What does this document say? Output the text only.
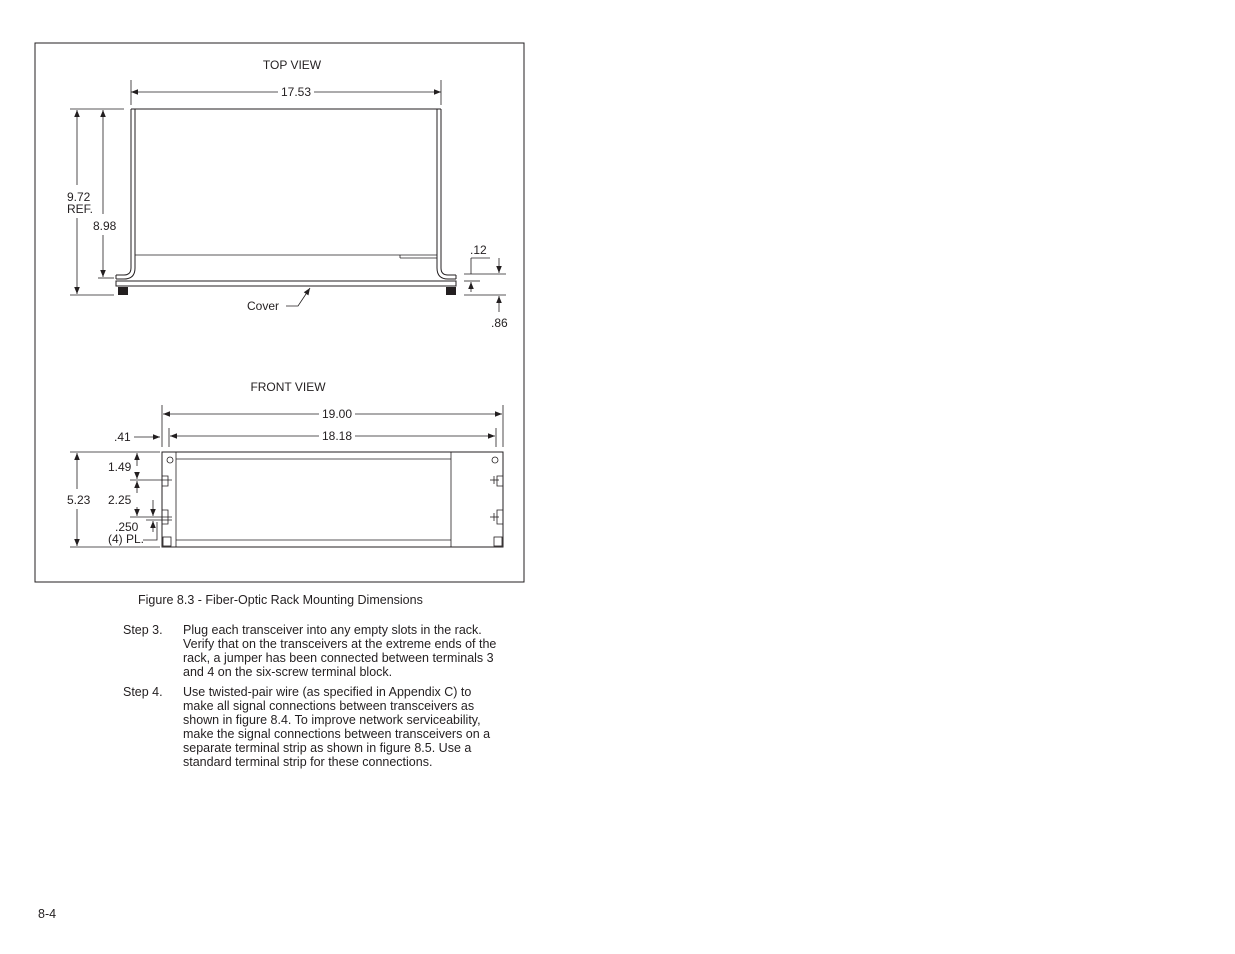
TOP VIEW
17.53
9.72
REF.
8.98
.12
.86
Cover
FRONT VIEW
19.00
18.18
.41
5.23
1.49
2.25
.250
(4) PL.
Figure 8.3 - Fiber-Optic Rack Mounting Dimensions
Step 3. Plug each transceiver into any empty slots in the rack. Verify that on the transceivers at the extreme ends of the rack, a jumper has been connected between terminals 3 and 4 on the six-screw terminal block.
Step 4. Use twisted-pair wire (as specified in Appendix C) to make all signal connections between transceivers as shown in figure 8.4. To improve network serviceability, make the signal connections between transceivers on a separate terminal strip as shown in figure 8.5. Use a standard terminal strip for these connections.
8-4
